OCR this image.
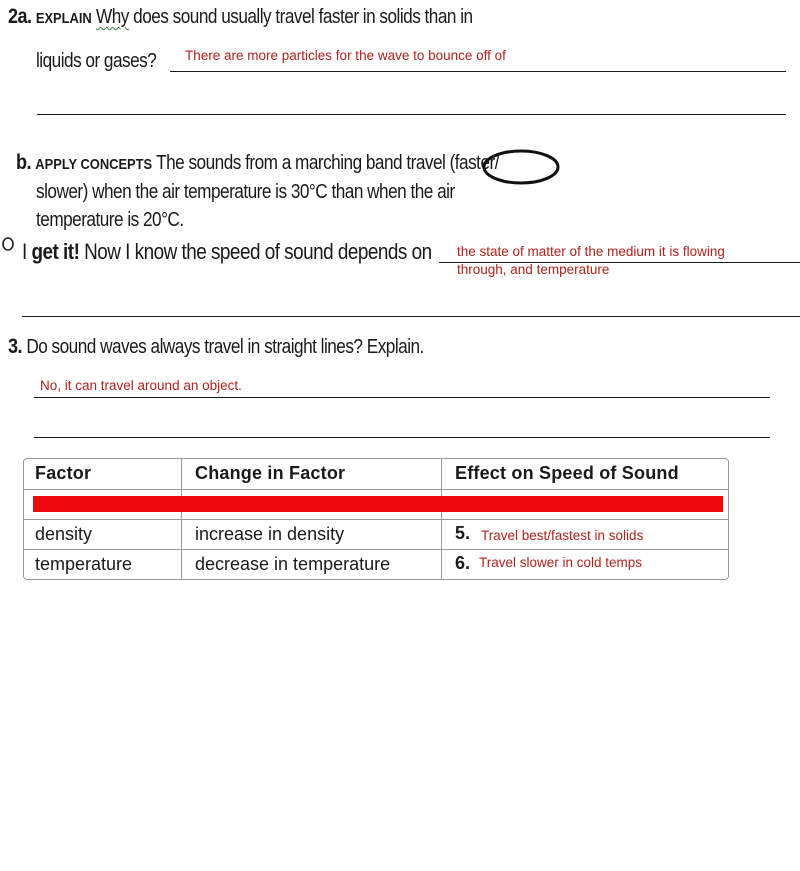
2a. EXPLAIN Why does sound usually travel faster in solids than in
liquids or gases?	There are more particles for the wave to bounce off of
b. APPLY CONCEPTS The sounds from a marching band travel (faster/
slower) when the air temperature is 30°C than when the air
temperature is 20°C.
I get it! Now I know the speed of sound depends on	the state of matter of the medium it is flowing
through, and temperature
3. Do sound waves always travel in straight lines? Explain.
No, it can travel around an object.
Factor	Change in Factor	Effect on Speed of Sound
density	increase in density	5. Travel best/fastest in solids
temperature	decrease in temperature	6. Travel slower in cold temps
